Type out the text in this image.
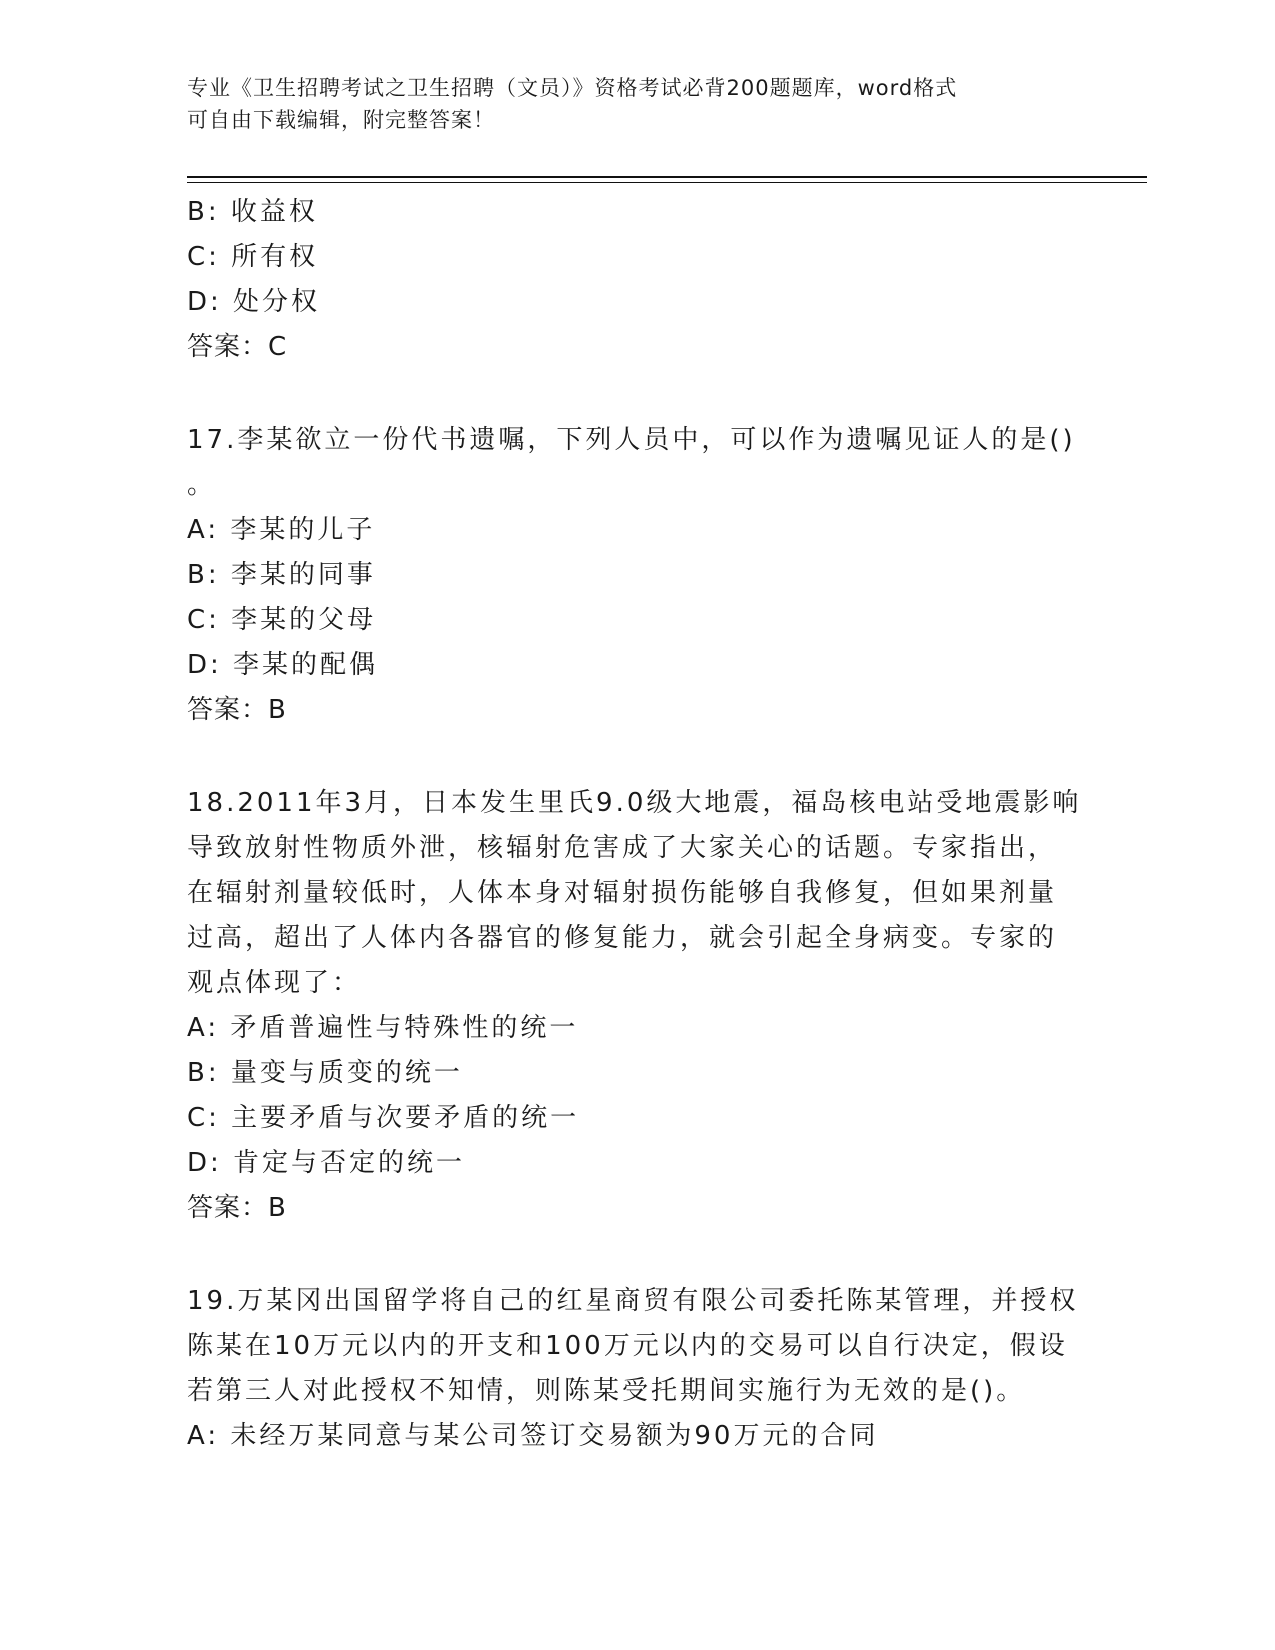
专业《卫生招聘考试之卫生招聘（文员）》资格考试必背200题题库，word格式
可自由下载编辑，附完整答案！
B: 收益权
C: 所有权
D: 处分权
答案：C
17.李某欲立一份代书遗嘱，下列人员中，可以作为遗嘱见证人的是()
。
A: 李某的儿子
B: 李某的同事
C: 李某的父母
D: 李某的配偶
答案：B
18.2011年3月，日本发生里氏9.0级大地震，福岛核电站受地震影响
导致放射性物质外泄，核辐射危害成了大家关心的话题。专家指出，
在辐射剂量较低时，人体本身对辐射损伤能够自我修复，但如果剂量
过高，超出了人体内各器官的修复能力，就会引起全身病变。专家的
观点体现了：
A: 矛盾普遍性与特殊性的统一
B: 量变与质变的统一
C: 主要矛盾与次要矛盾的统一
D: 肯定与否定的统一
答案：B
19.万某冈出国留学将自己的红星商贸有限公司委托陈某管理，并授权
陈某在10万元以内的开支和100万元以内的交易可以自行决定，假设
若第三人对此授权不知情，则陈某受托期间实施行为无效的是()。
A: 未经万某同意与某公司签订交易额为90万元的合同
